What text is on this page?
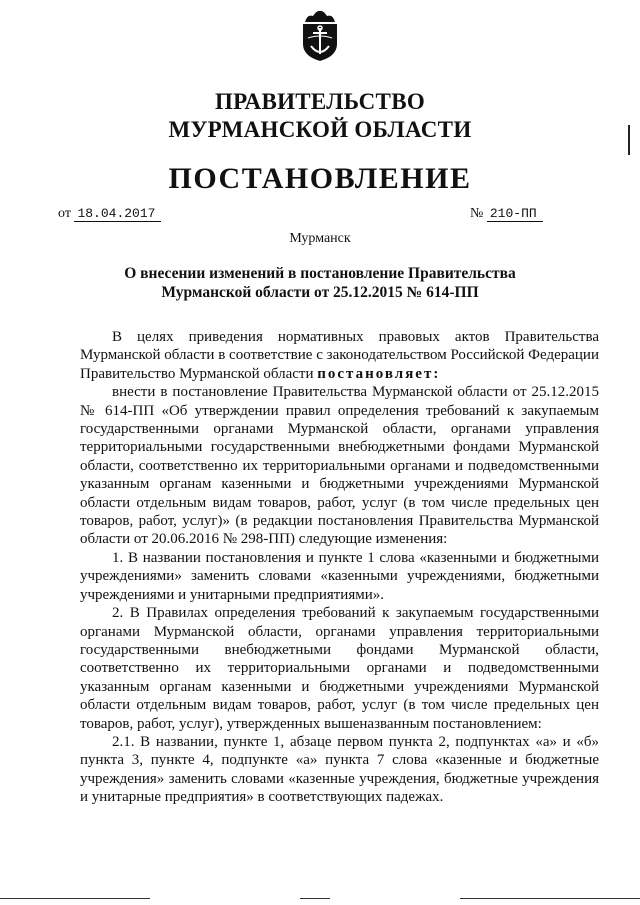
ПРАВИТЕЛЬСТВО
МУРМАНСКОЙ ОБЛАСТИ
ПОСТАНОВЛЕНИЕ
от 18.04.2017	№ 210-ПП
Мурманск
О внесении изменений в постановление Правительства
Мурманской области от 25.12.2015 № 614-ПП

В целях приведения нормативных правовых актов Правительства Мурманской области в соответствие с законодательством Российской Федерации Правительство Мурманской области постановляет:

внести в постановление Правительства Мурманской области от 25.12.2015 № 614-ПП «Об утверждении правил определения требований к закупаемым государственными органами Мурманской области, органами управления территориальными государственными внебюджетными фондами Мурманской области, соответственно их территориальными органами и подведомственными указанным органам казенными и бюджетными учреждениями Мурманской области отдельным видам товаров, работ, услуг (в том числе предельных цен товаров, работ, услуг)» (в редакции постановления Правительства Мурманской области от 20.06.2016 № 298-ПП) следующие изменения:

1. В названии постановления и пункте 1 слова «казенными и бюджетными учреждениями» заменить словами «казенными учреждениями, бюджетными учреждениями и унитарными предприятиями».

2. В Правилах определения требований к закупаемым государственными органами Мурманской области, органами управления территориальными государственными внебюджетными фондами Мурманской области, соответственно их территориальными органами и подведомственными указанным органам казенными и бюджетными учреждениями Мурманской области отдельным видам товаров, работ, услуг (в том числе предельных цен товаров, работ, услуг), утвержденных вышеназванным постановлением:

2.1. В названии, пункте 1, абзаце первом пункта 2, подпунктах «а» и «б» пункта 3, пункте 4, подпункте «а» пункта 7 слова «казенные и бюджетные учреждения» заменить словами «казенные учреждения, бюджетные учреждения и унитарные предприятия» в соответствующих падежах.
